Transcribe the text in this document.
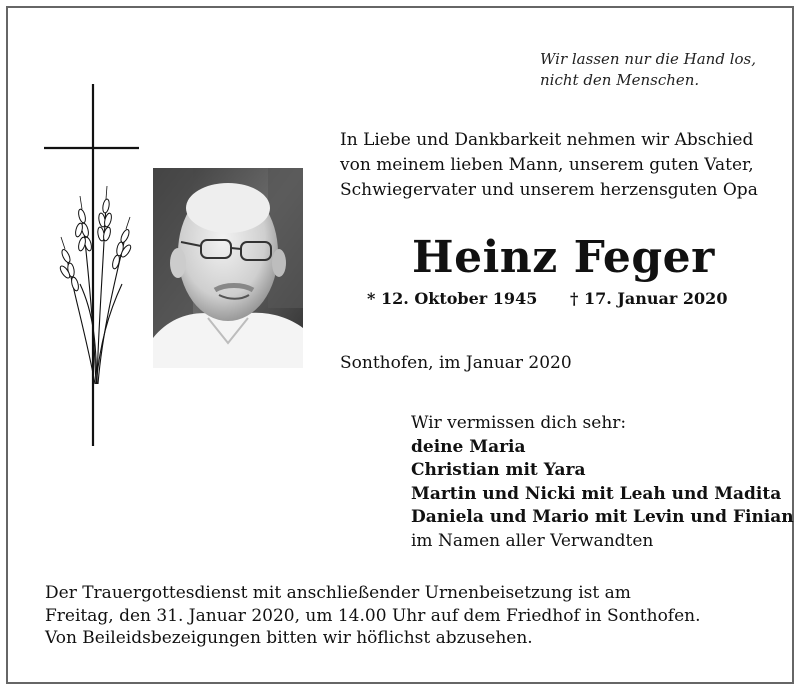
Wir lassen nur die Hand los,
nicht den Menschen.
In Liebe und Dankbarkeit nehmen wir Abschied
von meinem lieben Mann, unserem guten Vater,
Schwiegervater und unserem herzensguten Opa
Heinz Feger
* 12. Oktober 1945 † 17. Januar 2020
Sonthofen, im Januar 2020
Wir vermissen dich sehr:
deine Maria
Christian mit Yara
Martin und Nicki mit Leah und Madita
Daniela und Mario mit Levin und Finian
im Namen aller Verwandten
Der Trauergottesdienst mit anschließender Urnenbeisetzung ist am
Freitag, den 31. Januar 2020, um 14.00 Uhr auf dem Friedhof in Sonthofen.
Von Beileidsbezeigungen bitten wir höflichst abzusehen.
